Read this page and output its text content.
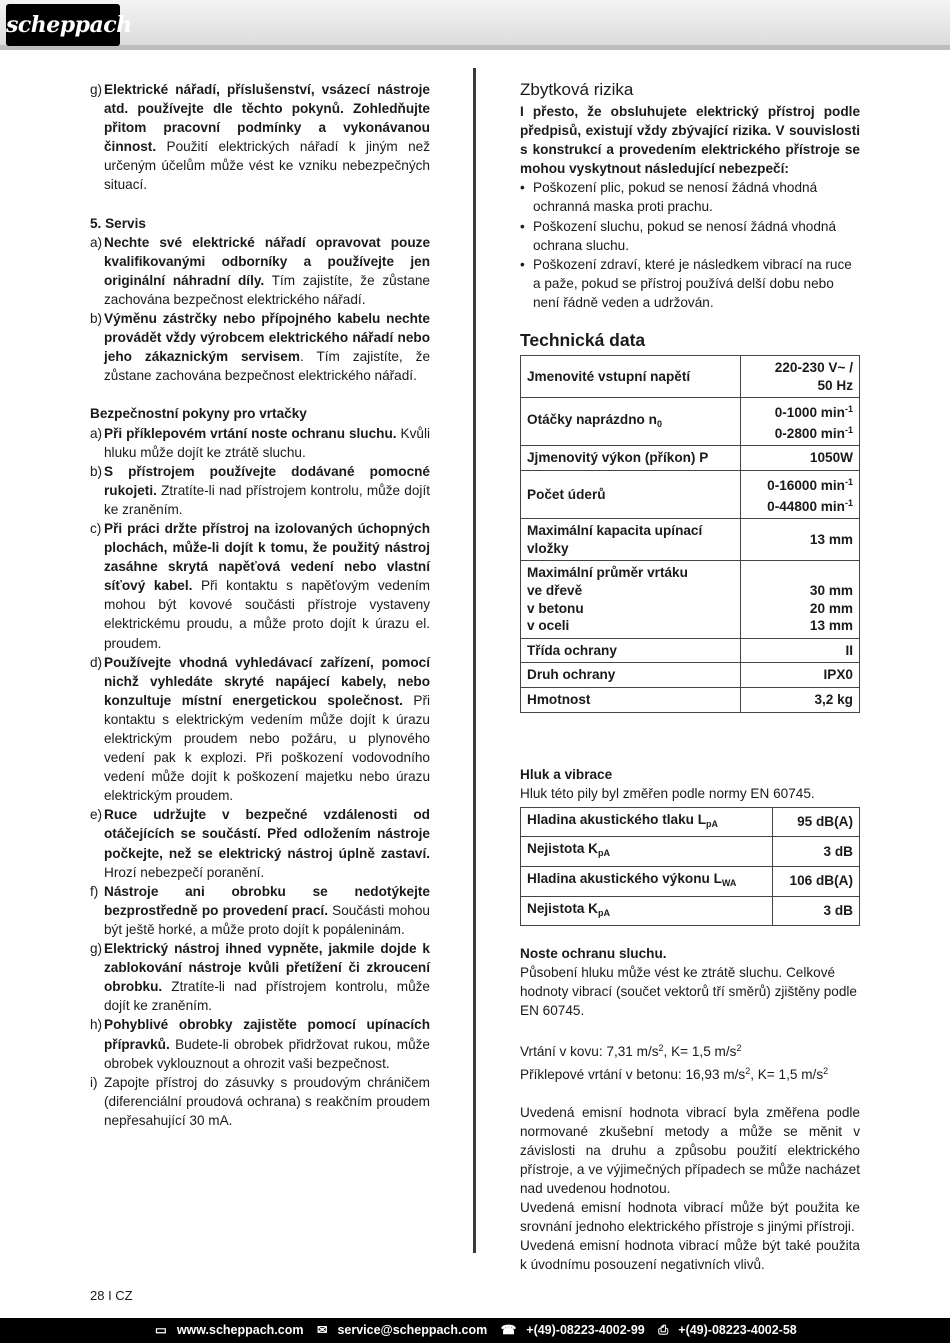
scheppach
g) Elektrické nářadí, příslušenství, vsázecí nástroje atd. používejte dle těchto pokynů. Zohledňujte přitom pracovní podmínky a vykonávanou činnost. Použití elektrických nářadí k jiným než určeným účelům může vést ke vzniku nebezpečných situací.

5. Servis

a) Nechte své elektrické nářadí opravovat pouze kvalifikovanými odborníky a používejte jen originální náhradní díly. Tím zajistíte, že zůstane zachována bezpečnost elektrického nářadí.
b) Výměnu zástrčky nebo přípojného kabelu nechte provádět vždy výrobcem elektrického nářadí nebo jeho zákaznickým servisem. Tím zajistíte, že zůstane zachována bezpečnost elektrického nářadí.

Bezpečnostní pokyny pro vrtačky

a) Při příklepovém vrtání noste ochranu sluchu. Kvůli hluku může dojít ke ztrátě sluchu.
b) S přístrojem používejte dodávané pomocné rukojeti. Ztratíte-li nad přístrojem kontrolu, může dojít ke zraněním.
c) Při práci držte přístroj na izolovaných úchopných plochách, může-li dojít k tomu, že použitý nástroj zasáhne skrytá napěťová vedení nebo vlastní síťový kabel. Při kontaktu s napěťovým vedením mohou být kovové součásti přístroje vystaveny elektrickému proudu, a může proto dojít k úrazu el. proudem.
d) Používejte vhodná vyhledávací zařízení, pomocí nichž vyhledáte skryté napájecí kabely, nebo konzultuje místní energetickou společnost. Při kontaktu s elektrickým vedením může dojít k úrazu elektrickým proudem nebo požáru, u plynového vedení pak k explozi. Při poškození vodovodního vedení může dojít k poškození majetku nebo úrazu elektrickým proudem.
e) Ruce udržujte v bezpečné vzdálenosti od otáčejících se součástí. Před odložením nástroje počkejte, než se elektrický nástroj úplně zastaví. Hrozí nebezpečí poranění.
f) Nástroje ani obrobku se nedotýkejte bezprostředně po provedení prací. Součásti mohou být ještě horké, a může proto dojít k popáleninám.
g) Elektrický nástroj ihned vypněte, jakmile dojde k zablokování nástroje kvůli přetížení či zkroucení obrobku. Ztratíte-li nad přístrojem kontrolu, může dojít ke zraněním.
h) Pohyblivé obrobky zajistěte pomocí upínacích přípravků. Budete-li obrobek přidržovat rukou, může obrobek vyklouznout a ohrozit vaši bezpečnost.
i) Zapojte přístroj do zásuvky s proudovým chráničem (diferenciální proudová ochrana) s reakčním proudem nepřesahující 30 mA.
Zbytková rizika

I přesto, že obsluhujete elektrický přístroj podle předpisů, existují vždy zbývající rizika. V souvislosti s konstrukcí a provedením elektrického přístroje se mohou vyskytnout následující nebezpečí:

• Poškození plic, pokud se nenosí žádná vhodná ochranná maska proti prachu.
• Poškození sluchu, pokud se nenosí žádná vhodná ochrana sluchu.
• Poškození zdraví, které je následkem vibrací na ruce a paže, pokud se přístroj používá delší dobu nebo není řádně veden a udržován.
Technická data
Jmenovité vstupní napětí	220-230 V~ / 50 Hz

Otáčky naprázdno $n_0$	0-1000 $\min^{-1}$
0-2800 $\min^{-1}$
Jjmenovitý výkon (příkon) P	1050W
Počet úderů	0-16000 $\min^{-1}$
0-44800 $\min^{-1}$
Maximální kapacita upínací vložky	13 mm
Maximální průměr vrtáku
ve dřevě
v betonu
v oceli	30 mm
20 mm
13 mm
Třída ochrany	II
Druh ochrany	IPX0
Hmotnost	3,2 kg

Hluk a vibrace

Hluk této pily byl změřen podle normy EN 60745.

Hladina akustického tlaku $L_{pA}$	95 dB(A)
Nejistota $K_{pA}$	3 dB
Hladina akustického výkonu $L_{WA}$	106 dB(A)
Nejistota $K_{pA}$	3 dB

Noste ochranu sluchu.

Působení hluku může vést ke ztrátě sluchu. Celkové hodnoty vibrací (součet vektorů tří směrů) zjištěny podle EN 60745.

Vrtání v kovu: 7,31 $m/s^2$, K= 1,5 $m/s^2$

Příklepové vrtání v betonu: 16,93 $m/s^2$, K= 1,5 $m/s^2$

Uvedená emisní hodnota vibrací byla změřena podle normované zkušební metody a může se měnit v závislosti na druhu a způsobu použití elektrického přístroje, a ve výjimečných případech se může nacházet nad uvedenou hodnotou.

Uvedená emisní hodnota vibrací může být použita ke srovnání jednoho elektrického přístroje s jinými přístroji.

Uvedená emisní hodnota vibrací může být také použita k úvodnímu posouzení negativních vlivů.

28 I CZ
▭ www.scheppach.com ✉ service@scheppach.com ☎ +(49)-08223-4002-99 ⎙ +(49)-08223-4002-58
